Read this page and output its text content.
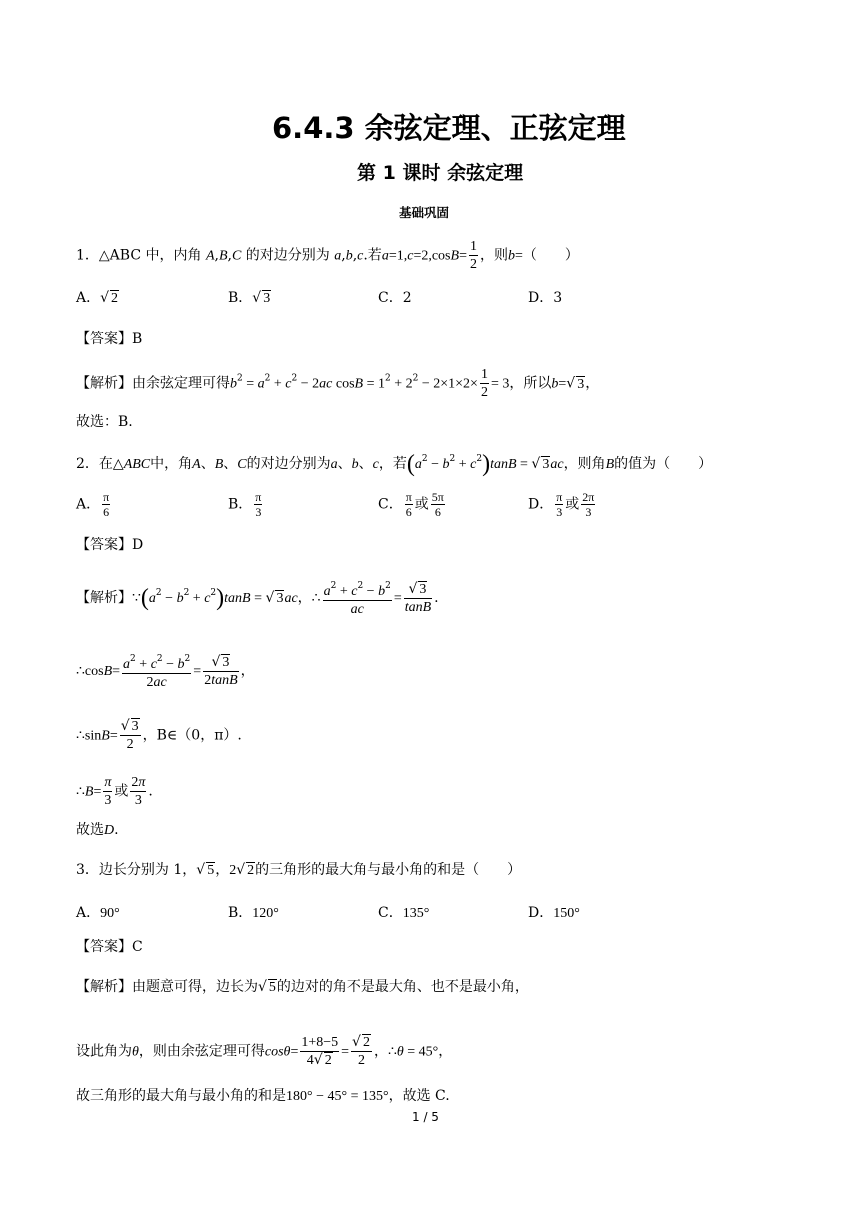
6.4.3 余弦定理、正弦定理
第 1 课时 余弦定理
基础巩固
1．△ABC 中，内角 A,B,C 的对边分别为 a,b,c.若$a=1,c=2,\cos B= \frac{1}{2}$ ，则b=（　　）
A．√ 2	B．√ 3	C．2	D．3
【答案】B
【解析】由余弦定理可得$b^2 = a^2 + c^2 - 2ac$ $\cos B = 1^2 + 2^2 - 2\times 1\times 2\times \frac{1}{2} = 3$，所以b=√ 3，
故选：B.
2．在△ABC中，角A、B、C的对边分别为a、b、c，若$(a^2 - b^2 + c^2)\tan B$ = √ 3ac，则角B的值为（　　）
A． $\frac{\pi}{6}$	B． $\frac{\pi}{3}$	C． $\frac{\pi}{6}$ 或 $\frac{5\pi}{6}$	D． $\frac{\pi}{3}$ 或 $\frac{2\pi}{3}$
【答案】D
【解析】$\because(a^2 - b^2 + c^2)\tan B$ = √ 3ac，∴ $\frac{a^2 + c^2 - b^2}{ac} = \frac{√ 3}{\tan B}$ .
∴cosB= $\frac{a^2 + c^2 - b^2}{2ac} = \frac{√ 3}{2\tan B}$ ，
∴sinB= $\frac{√ 3}{2}$ ，B∈（0，π）.
∴B= $\frac{\pi}{3}$ 或 $\frac{2\pi}{3}$ .
故选D.
3．边长分别为 1，√ 5，2√ 2的三角形的最大角与最小角的和是（　　）
A．90°	B．120°	C．135°	D．150°
【答案】C
【解析】由题意可得，边长为√ 5的边对的角不是最大角、也不是最小角，
设此角为θ，则由余弦定理可得$\cos\theta= \frac{1+8-5}{4√ 2} = \frac{√ 2}{2}$ ，∴θ = 45°，
故三角形的最大角与最小角的和是180° − 45° = 135°，故选 C.
1 / 5
